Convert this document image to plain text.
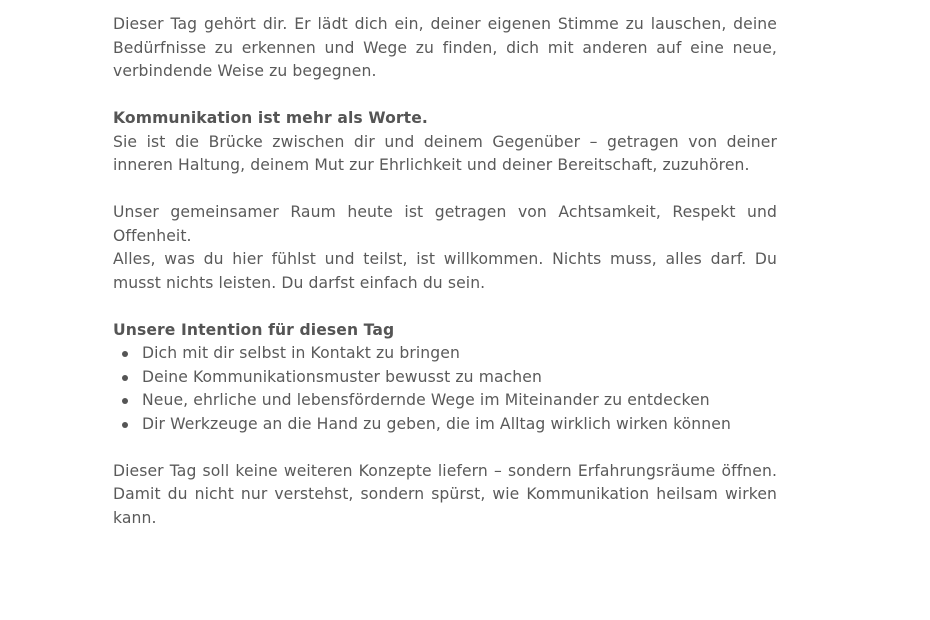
Dieser Tag gehört dir. Er lädt dich ein, deiner eigenen Stimme zu lauschen, deine Bedürfnisse zu erkennen und Wege zu finden, dich mit anderen auf eine neue, verbindende Weise zu begegnen.

Kommunikation ist mehr als Worte.

Sie ist die Brücke zwischen dir und deinem Gegenüber – getragen von deiner inneren Haltung, deinem Mut zur Ehrlichkeit und deiner Bereitschaft, zuzuhören.

Unser gemeinsamer Raum heute ist getragen von Achtsamkeit, Respekt und Offenheit.

Alles, was du hier fühlst und teilst, ist willkommen. Nichts muss, alles darf. Du musst nichts leisten. Du darfst einfach du sein.

Unsere Intention für diesen Tag

Dich mit dir selbst in Kontakt zu bringen
Deine Kommunikationsmuster bewusst zu machen
Neue, ehrliche und lebensfördernde Wege im Miteinander zu entdecken
Dir Werkzeuge an die Hand zu geben, die im Alltag wirklich wirken können

Dieser Tag soll keine weiteren Konzepte liefern – sondern Erfahrungsräume öffnen. Damit du nicht nur verstehst, sondern spürst, wie Kommunikation heilsam wirken kann.
